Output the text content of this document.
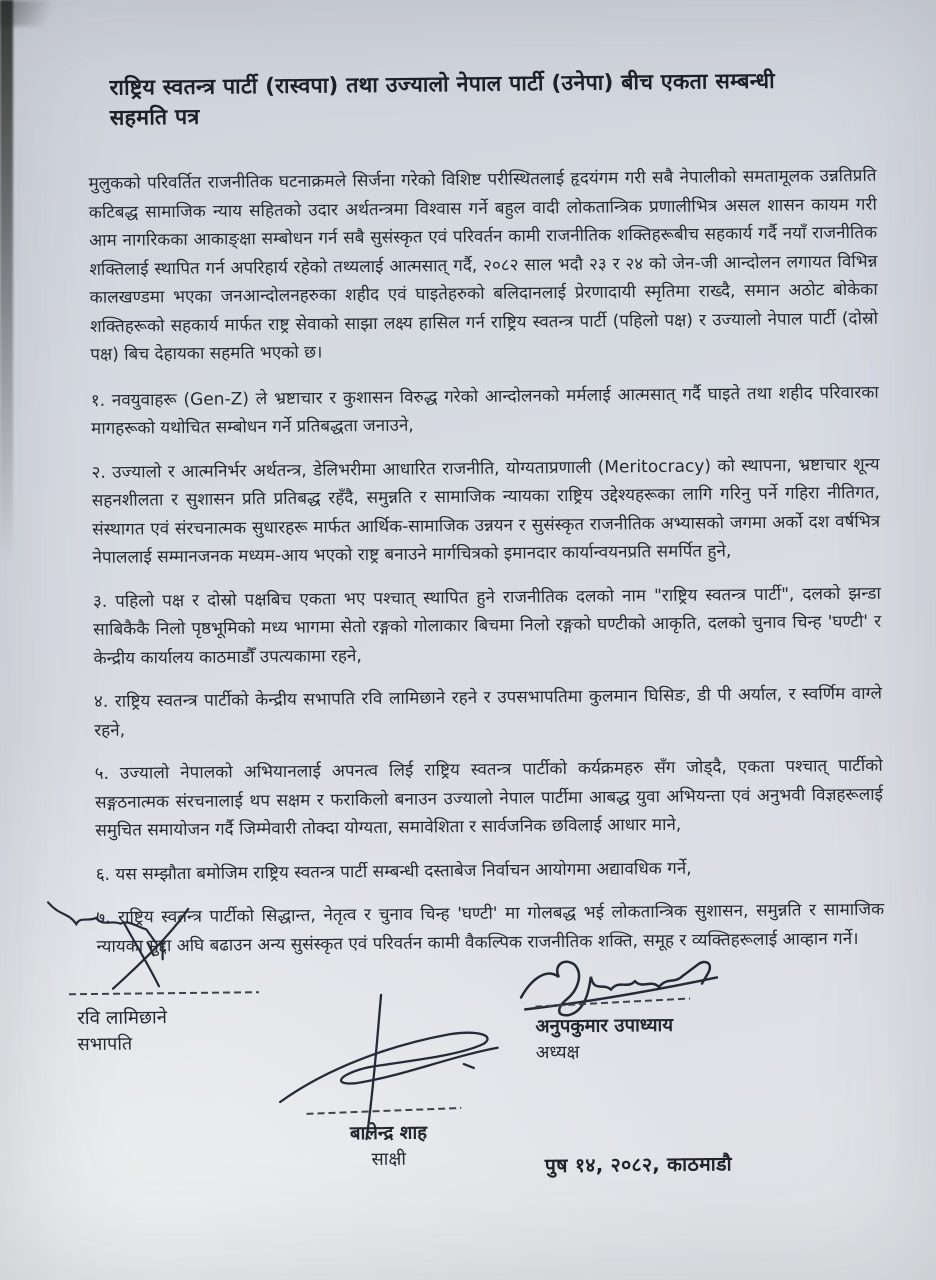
राष्ट्रिय स्वतन्त्र पार्टी (रास्वपा) तथा उज्यालो नेपाल पार्टी (उनेपा) बीच एकता सम्बन्धी सहमति पत्र

मुलुकको परिवर्तित राजनीतिक घटनाक्रमले सिर्जना गरेको विशिष्ट परीस्थितलाई हृदयंगम गरी सबै नेपालीको समतामूलक उन्नतिप्रति कटिबद्ध सामाजिक न्याय सहितको उदार अर्थतन्त्रमा विश्वास गर्ने बहुल वादी लोकतान्त्रिक प्रणालीभित्र असल शासन कायम गरी आम नागरिकका आकाङ्क्षा सम्बोधन गर्न सबै सुसंस्कृत एवं परिवर्तन कामी राजनीतिक शक्तिहरूबीच सहकार्य गर्दै नयाँ राजनीतिक शक्तिलाई स्थापित गर्न अपरिहार्य रहेको तथ्यलाई आत्मसात् गर्दै, २०८२ साल भदौ २३ र २४ को जेन-जी आन्दोलन लगायत विभिन्न कालखण्डमा भएका जनआन्दोलनहरुका शहीद एवं घाइतेहरुको बलिदानलाई प्रेरणादायी स्मृतिमा राख्दै, समान अठोट बोकेका शक्तिहरूको सहकार्य मार्फत राष्ट्र सेवाको साझा लक्ष्य हासिल गर्न राष्ट्रिय स्वतन्त्र पार्टी (पहिलो पक्ष) र उज्यालो नेपाल पार्टी (दोस्रो पक्ष) बिच देहायका सहमति भएको छ।

१. नवयुवाहरू (Gen-Z) ले भ्रष्टाचार र कुशासन विरुद्ध गरेको आन्दोलनको मर्मलाई आत्मसात् गर्दै घाइते तथा शहीद परिवारका मागहरूको यथोचित सम्बोधन गर्ने प्रतिबद्धता जनाउने,

२. उज्यालो र आत्मनिर्भर अर्थतन्त्र, डेलिभरीमा आधारित राजनीति, योग्यताप्रणाली (Meritocracy) को स्थापना, भ्रष्टाचार शून्य सहनशीलता र सुशासन प्रति प्रतिबद्ध रहँदै, समुन्नति र सामाजिक न्यायका राष्ट्रिय उद्देश्यहरूका लागि गरिनु पर्ने गहिरा नीतिगत, संस्थागत एवं संरचनात्मक सुधारहरू मार्फत आर्थिक-सामाजिक उन्नयन र सुसंस्कृत राजनीतिक अभ्यासको जगमा अर्को दश वर्षभित्र नेपाललाई सम्मानजनक मध्यम-आय भएको राष्ट्र बनाउने मार्गचित्रको इमानदार कार्यान्वयनप्रति समर्पित हुने,

३. पहिलो पक्ष र दोस्रो पक्षबिच एकता भए पश्चात् स्थापित हुने राजनीतिक दलको नाम "राष्ट्रिय स्वतन्त्र पार्टी", दलको झन्डा साबिकैकै निलो पृष्ठभूमिको मध्य भागमा सेतो रङ्गको गोलाकार बिचमा निलो रङ्गको घण्टीको आकृति, दलको चुनाव चिन्ह 'घण्टी' र केन्द्रीय कार्यालय काठमाडौँ उपत्यकामा रहने,

४. राष्ट्रिय स्वतन्त्र पार्टीको केन्द्रीय सभापति रवि लामिछाने रहने र उपसभापतिमा कुलमान घिसिङ, डी पी अर्याल, र स्वर्णिम वाग्ले रहने,

५. उज्यालो नेपालको अभियानलाई अपनत्व लिई राष्ट्रिय स्वतन्त्र पार्टीको कर्यक्रमहरु सँग जोड्दै, एकता पश्चात् पार्टीको सङ्गठनात्मक संरचनालाई थप सक्षम र फराकिलो बनाउन उज्यालो नेपाल पार्टीमा आबद्ध युवा अभियन्ता एवं अनुभवी विज्ञहरूलाई समुचित समायोजन गर्दै जिम्मेवारी तोक्दा योग्यता, समावेशिता र सार्वजनिक छविलाई आधार माने,

६. यस सम्झौता बमोजिम राष्ट्रिय स्वतन्त्र पार्टी सम्बन्धी दस्ताबेज निर्वाचन आयोगमा अद्यावधिक गर्ने,

७. राष्ट्रिय स्वतन्त्र पार्टीको सिद्धान्त, नेतृत्व र चुनाव चिन्ह 'घण्टी' मा गोलबद्ध भई लोकतान्त्रिक सुशासन, समुन्नति र सामाजिक न्यायका मुद्दा अघि बढाउन अन्य सुसंस्कृत एवं परिवर्तन कामी वैकल्पिक राजनीतिक शक्ति, समूह र व्यक्तिहरूलाई आव्हान गर्ने।

रवि लामिछाने
सभापति
अनुपकुमार उपाध्याय
अध्यक्ष
बालेन्द्र शाह
साक्षी	पुष १४, २०८२, काठमाडौ
